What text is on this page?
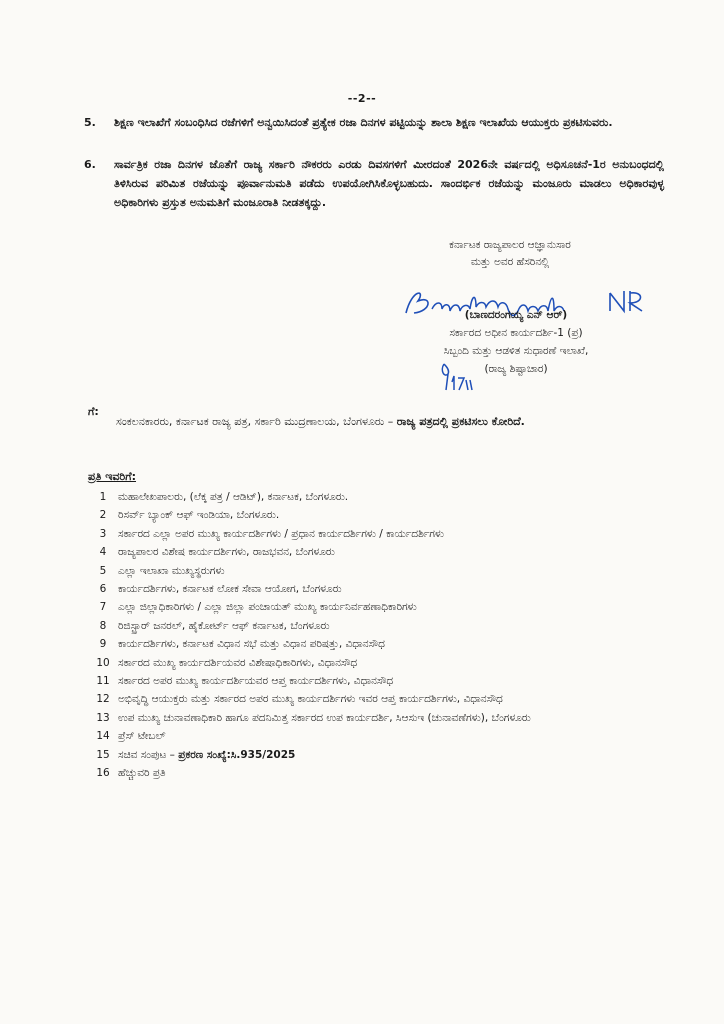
--2--
5.	ಶಿಕ್ಷಣ ಇಲಾಖೆಗೆ ಸಂಬಂಧಿಸಿದ ರಜೆಗಳಿಗೆ ಅನ್ವಯಿಸಿದಂತೆ ಪ್ರತ್ಯೇಕ ರಜಾ ದಿನಗಳ ಪಟ್ಟಿಯನ್ನು ಶಾಲಾ ಶಿಕ್ಷಣ ಇಲಾಖೆಯ ಆಯುಕ್ತರು ಪ್ರಕಟಿಸುವರು.
6.	ಸಾರ್ವತ್ರಿಕ ರಜಾ ದಿನಗಳ ಜೊತೆಗೆ ರಾಜ್ಯ ಸರ್ಕಾರಿ ನೌಕರರು ಎರಡು ದಿವಸಗಳಿಗೆ ಮೀರದಂತೆ 2026ನೇ ವರ್ಷದಲ್ಲಿ ಅಧಿಸೂಚನೆ-1ರ ಅನುಬಂಧದಲ್ಲಿ ತಿಳಿಸಿರುವ ಪರಿಮಿತ ರಜೆಯನ್ನು ಪೂರ್ವಾನುಮತಿ ಪಡೆದು ಉಪಯೋಗಿಸಿಕೊಳ್ಳಬಹುದು. ಸಾಂದರ್ಭಿಕ ರಜೆಯನ್ನು ಮಂಜೂರು ಮಾಡಲು ಅಧಿಕಾರವುಳ್ಳ ಅಧಿಕಾರಿಗಳು ಪ್ರಸ್ತುತ ಅನುಮತಿಗೆ ಮಂಜೂರಾತಿ ನೀಡತಕ್ಕದ್ದು.
ಕರ್ನಾಟಕ ರಾಜ್ಯಪಾಲರ ಆಜ್ಞಾನುಸಾರ
ಮತ್ತು ಅವರ ಹೆಸರಿನಲ್ಲಿ
(ಬಾಣದರಂಗಯ್ಯ ಎನ್ ಆರ್)
ಸರ್ಕಾರದ ಅಧೀನ ಕಾರ್ಯದರ್ಶಿ-1 (ಪ್ರ)
ಸಿಬ್ಬಂದಿ ಮತ್ತು ಆಡಳಿತ ಸುಧಾರಣೆ ಇಲಾಖೆ,
(ರಾಜ್ಯ ಶಿಷ್ಟಾಚಾರ)
ಗೆ:
ಸಂಕಲನಕಾರರು, ಕರ್ನಾಟಕ ರಾಜ್ಯ ಪತ್ರ, ಸರ್ಕಾರಿ ಮುದ್ರಣಾಲಯ, ಬೆಂಗಳೂರು – ರಾಜ್ಯ ಪತ್ರದಲ್ಲಿ ಪ್ರಕಟಿಸಲು ಕೋರಿದೆ.
ಪ್ರತಿ ಇವರಿಗೆ:
1	ಮಹಾಲೇಖಪಾಲರು, (ಲೆಕ್ಕ ಪತ್ರ / ಆಡಿಟ್), ಕರ್ನಾಟಕ, ಬೆಂಗಳೂರು.
2	ರಿಸರ್ವ್ ಬ್ಯಾಂಕ್ ಆಫ್ ಇಂಡಿಯಾ, ಬೆಂಗಳೂರು.
3	ಸರ್ಕಾರದ ಎಲ್ಲಾ ಅಪರ ಮುಖ್ಯ ಕಾರ್ಯದರ್ಶಿಗಳು / ಪ್ರಧಾನ ಕಾರ್ಯದರ್ಶಿಗಳು / ಕಾರ್ಯದರ್ಶಿಗಳು
4	ರಾಜ್ಯಪಾಲರ ವಿಶೇಷ ಕಾರ್ಯದರ್ಶಿಗಳು, ರಾಜಭವನ, ಬೆಂಗಳೂರು
5	ಎಲ್ಲಾ ಇಲಾಖಾ ಮುಖ್ಯಸ್ಥರುಗಳು
6	ಕಾರ್ಯದರ್ಶಿಗಳು, ಕರ್ನಾಟಕ ಲೋಕ ಸೇವಾ ಆಯೋಗ, ಬೆಂಗಳೂರು
7	ಎಲ್ಲಾ ಜಿಲ್ಲಾಧಿಕಾರಿಗಳು / ಎಲ್ಲಾ ಜಿಲ್ಲಾ ಪಂಚಾಯತ್ ಮುಖ್ಯ ಕಾರ್ಯನಿರ್ವಹಣಾಧಿಕಾರಿಗಳು
8	ರಿಜಿಸ್ಟ್ರಾರ್ ಜನರಲ್, ಹೈಕೋರ್ಟ್ ಆಫ್ ಕರ್ನಾಟಕ, ಬೆಂಗಳೂರು
9	ಕಾರ್ಯದರ್ಶಿಗಳು, ಕರ್ನಾಟಕ ವಿಧಾನ ಸಭೆ ಮತ್ತು ವಿಧಾನ ಪರಿಷತ್ತು, ವಿಧಾನಸೌಧ
10 ಸರ್ಕಾರದ ಮುಖ್ಯ ಕಾರ್ಯದರ್ಶಿಯವರ ವಿಶೇಷಾಧಿಕಾರಿಗಳು, ವಿಧಾನಸೌಧ
11 ಸರ್ಕಾರದ ಅಪರ ಮುಖ್ಯ ಕಾರ್ಯದರ್ಶಿಯವರ ಆಪ್ತ ಕಾರ್ಯದರ್ಶಿಗಳು, ವಿಧಾನಸೌಧ
12 ಅಭಿವೃದ್ಧಿ ಆಯುಕ್ತರು ಮತ್ತು ಸರ್ಕಾರದ ಅಪರ ಮುಖ್ಯ ಕಾರ್ಯದರ್ಶಿಗಳು ಇವರ ಆಪ್ತ ಕಾರ್ಯದರ್ಶಿಗಳು, ವಿಧಾನಸೌಧ
13 ಉಪ ಮುಖ್ಯ ಚುನಾವಣಾಧಿಕಾರಿ ಹಾಗೂ ಪದನಿಮಿತ್ತ ಸರ್ಕಾರದ ಉಪ ಕಾರ್ಯದರ್ಶಿ, ಸಿಆಸುಇ (ಚುನಾವಣೆಗಳು), ಬೆಂಗಳೂರು
14 ಪ್ರೆಸ್ ಟೇಬಲ್
15 ಸಚಿವ ಸಂಪುಟ – ಪ್ರಕರಣ ಸಂಖ್ಯೆ:ಸಿ.935/2025
16 ಹೆಚ್ಚುವರಿ ಪ್ರತಿ
